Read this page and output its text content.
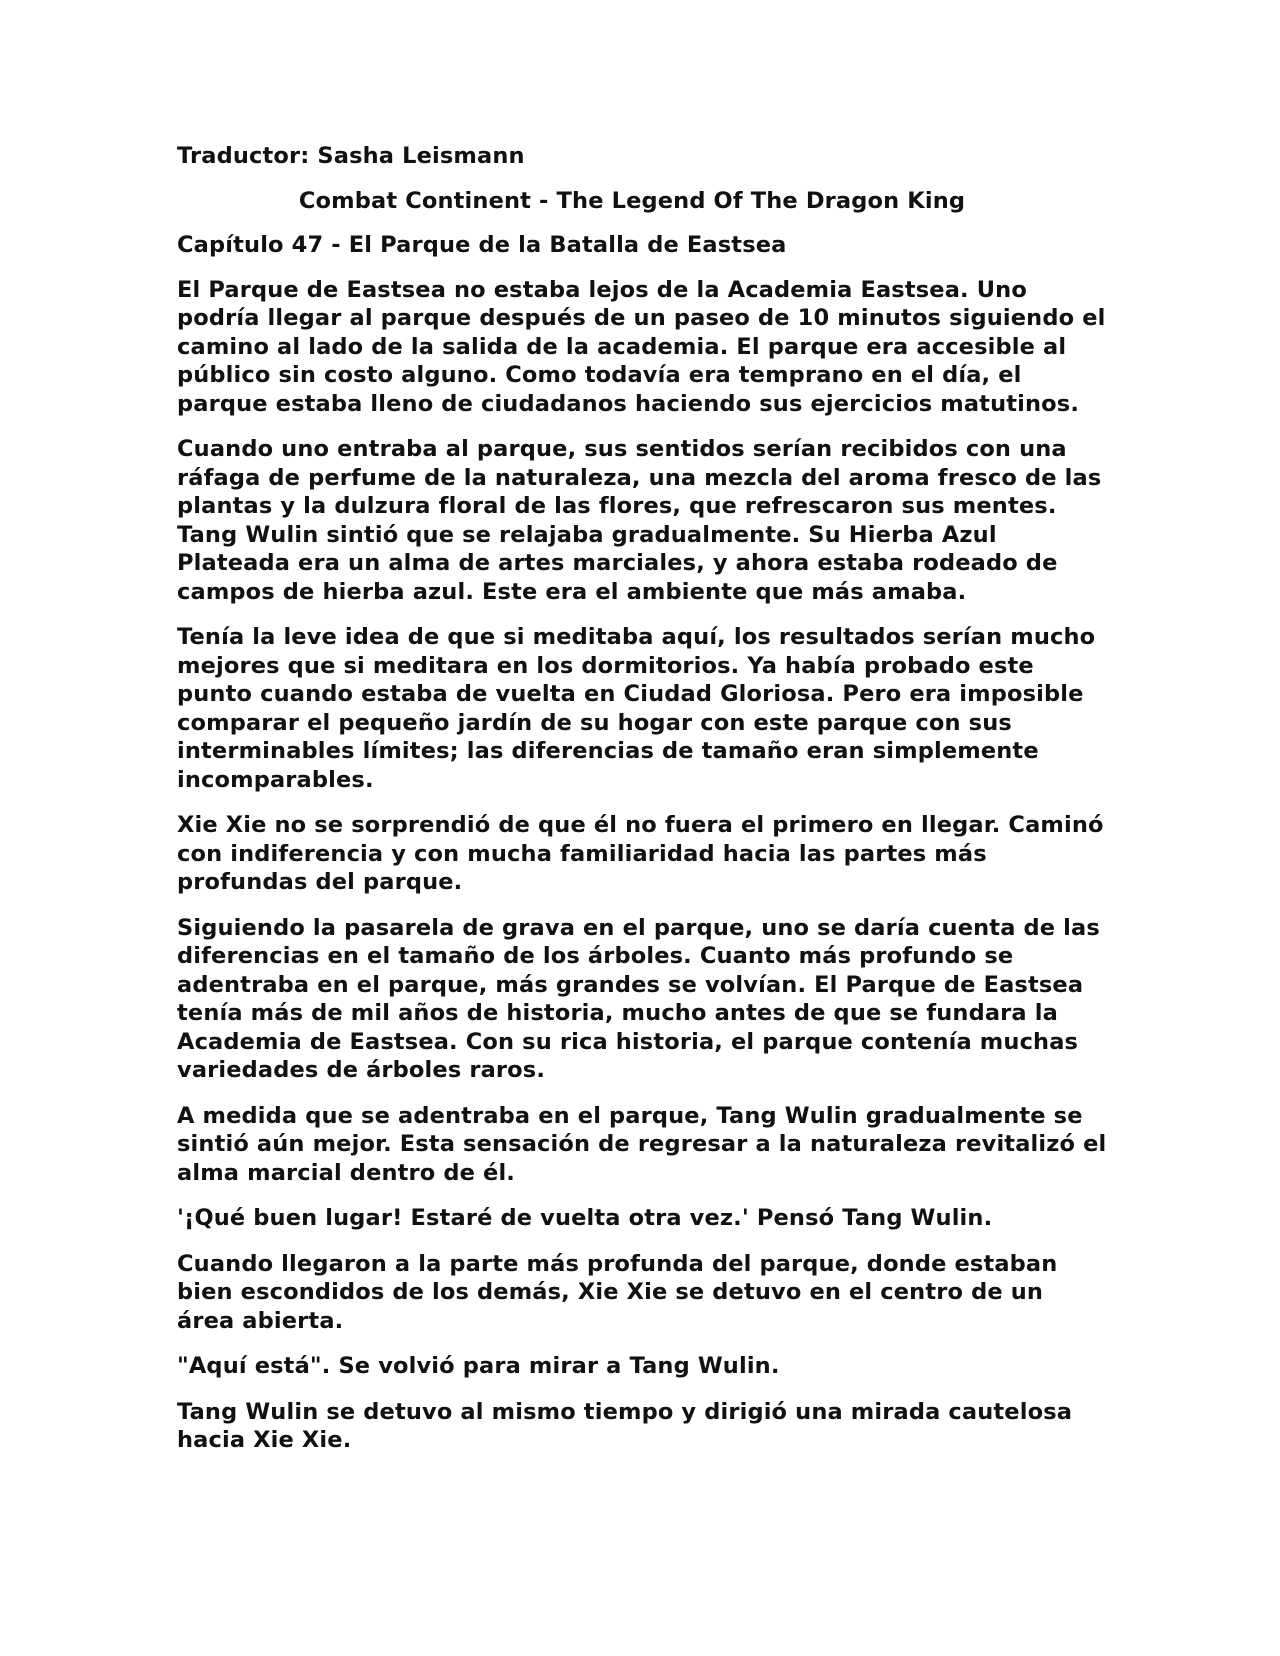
Traductor: Sasha Leismann
Combat Continent - The Legend Of The Dragon King
Capítulo 47 - El Parque de la Batalla de Eastsea

El Parque de Eastsea no estaba lejos de la Academia Eastsea. Uno podría llegar al parque después de un paseo de 10 minutos siguiendo el camino al lado de la salida de la academia. El parque era accesible al público sin costo alguno. Como todavía era temprano en el día, el parque estaba lleno de ciudadanos haciendo sus ejercicios matutinos.

Cuando uno entraba al parque, sus sentidos serían recibidos con una ráfaga de perfume de la naturaleza, una mezcla del aroma fresco de las plantas y la dulzura floral de las flores, que refrescaron sus mentes. Tang Wulin sintió que se relajaba gradualmente. Su Hierba Azul Plateada era un alma de artes marciales, y ahora estaba rodeado de campos de hierba azul. Este era el ambiente que más amaba.

Tenía la leve idea de que si meditaba aquí, los resultados serían mucho mejores que si meditara en los dormitorios. Ya había probado este punto cuando estaba de vuelta en Ciudad Gloriosa. Pero era imposible comparar el pequeño jardín de su hogar con este parque con sus interminables límites; las diferencias de tamaño eran simplemente incomparables.

Xie Xie no se sorprendió de que él no fuera el primero en llegar. Caminó con indiferencia y con mucha familiaridad hacia las partes más profundas del parque.

Siguiendo la pasarela de grava en el parque, uno se daría cuenta de las diferencias en el tamaño de los árboles. Cuanto más profundo se adentraba en el parque, más grandes se volvían. El Parque de Eastsea tenía más de mil años de historia, mucho antes de que se fundara la Academia de Eastsea. Con su rica historia, el parque contenía muchas variedades de árboles raros.

A medida que se adentraba en el parque, Tang Wulin gradualmente se sintió aún mejor. Esta sensación de regresar a la naturaleza revitalizó el alma marcial dentro de él.

'¡Qué buen lugar! Estaré de vuelta otra vez.' Pensó Tang Wulin.

Cuando llegaron a la parte más profunda del parque, donde estaban bien escondidos de los demás, Xie Xie se detuvo en el centro de un área abierta.

"Aquí está". Se volvió para mirar a Tang Wulin.

Tang Wulin se detuvo al mismo tiempo y dirigió una mirada cautelosa hacia Xie Xie.
